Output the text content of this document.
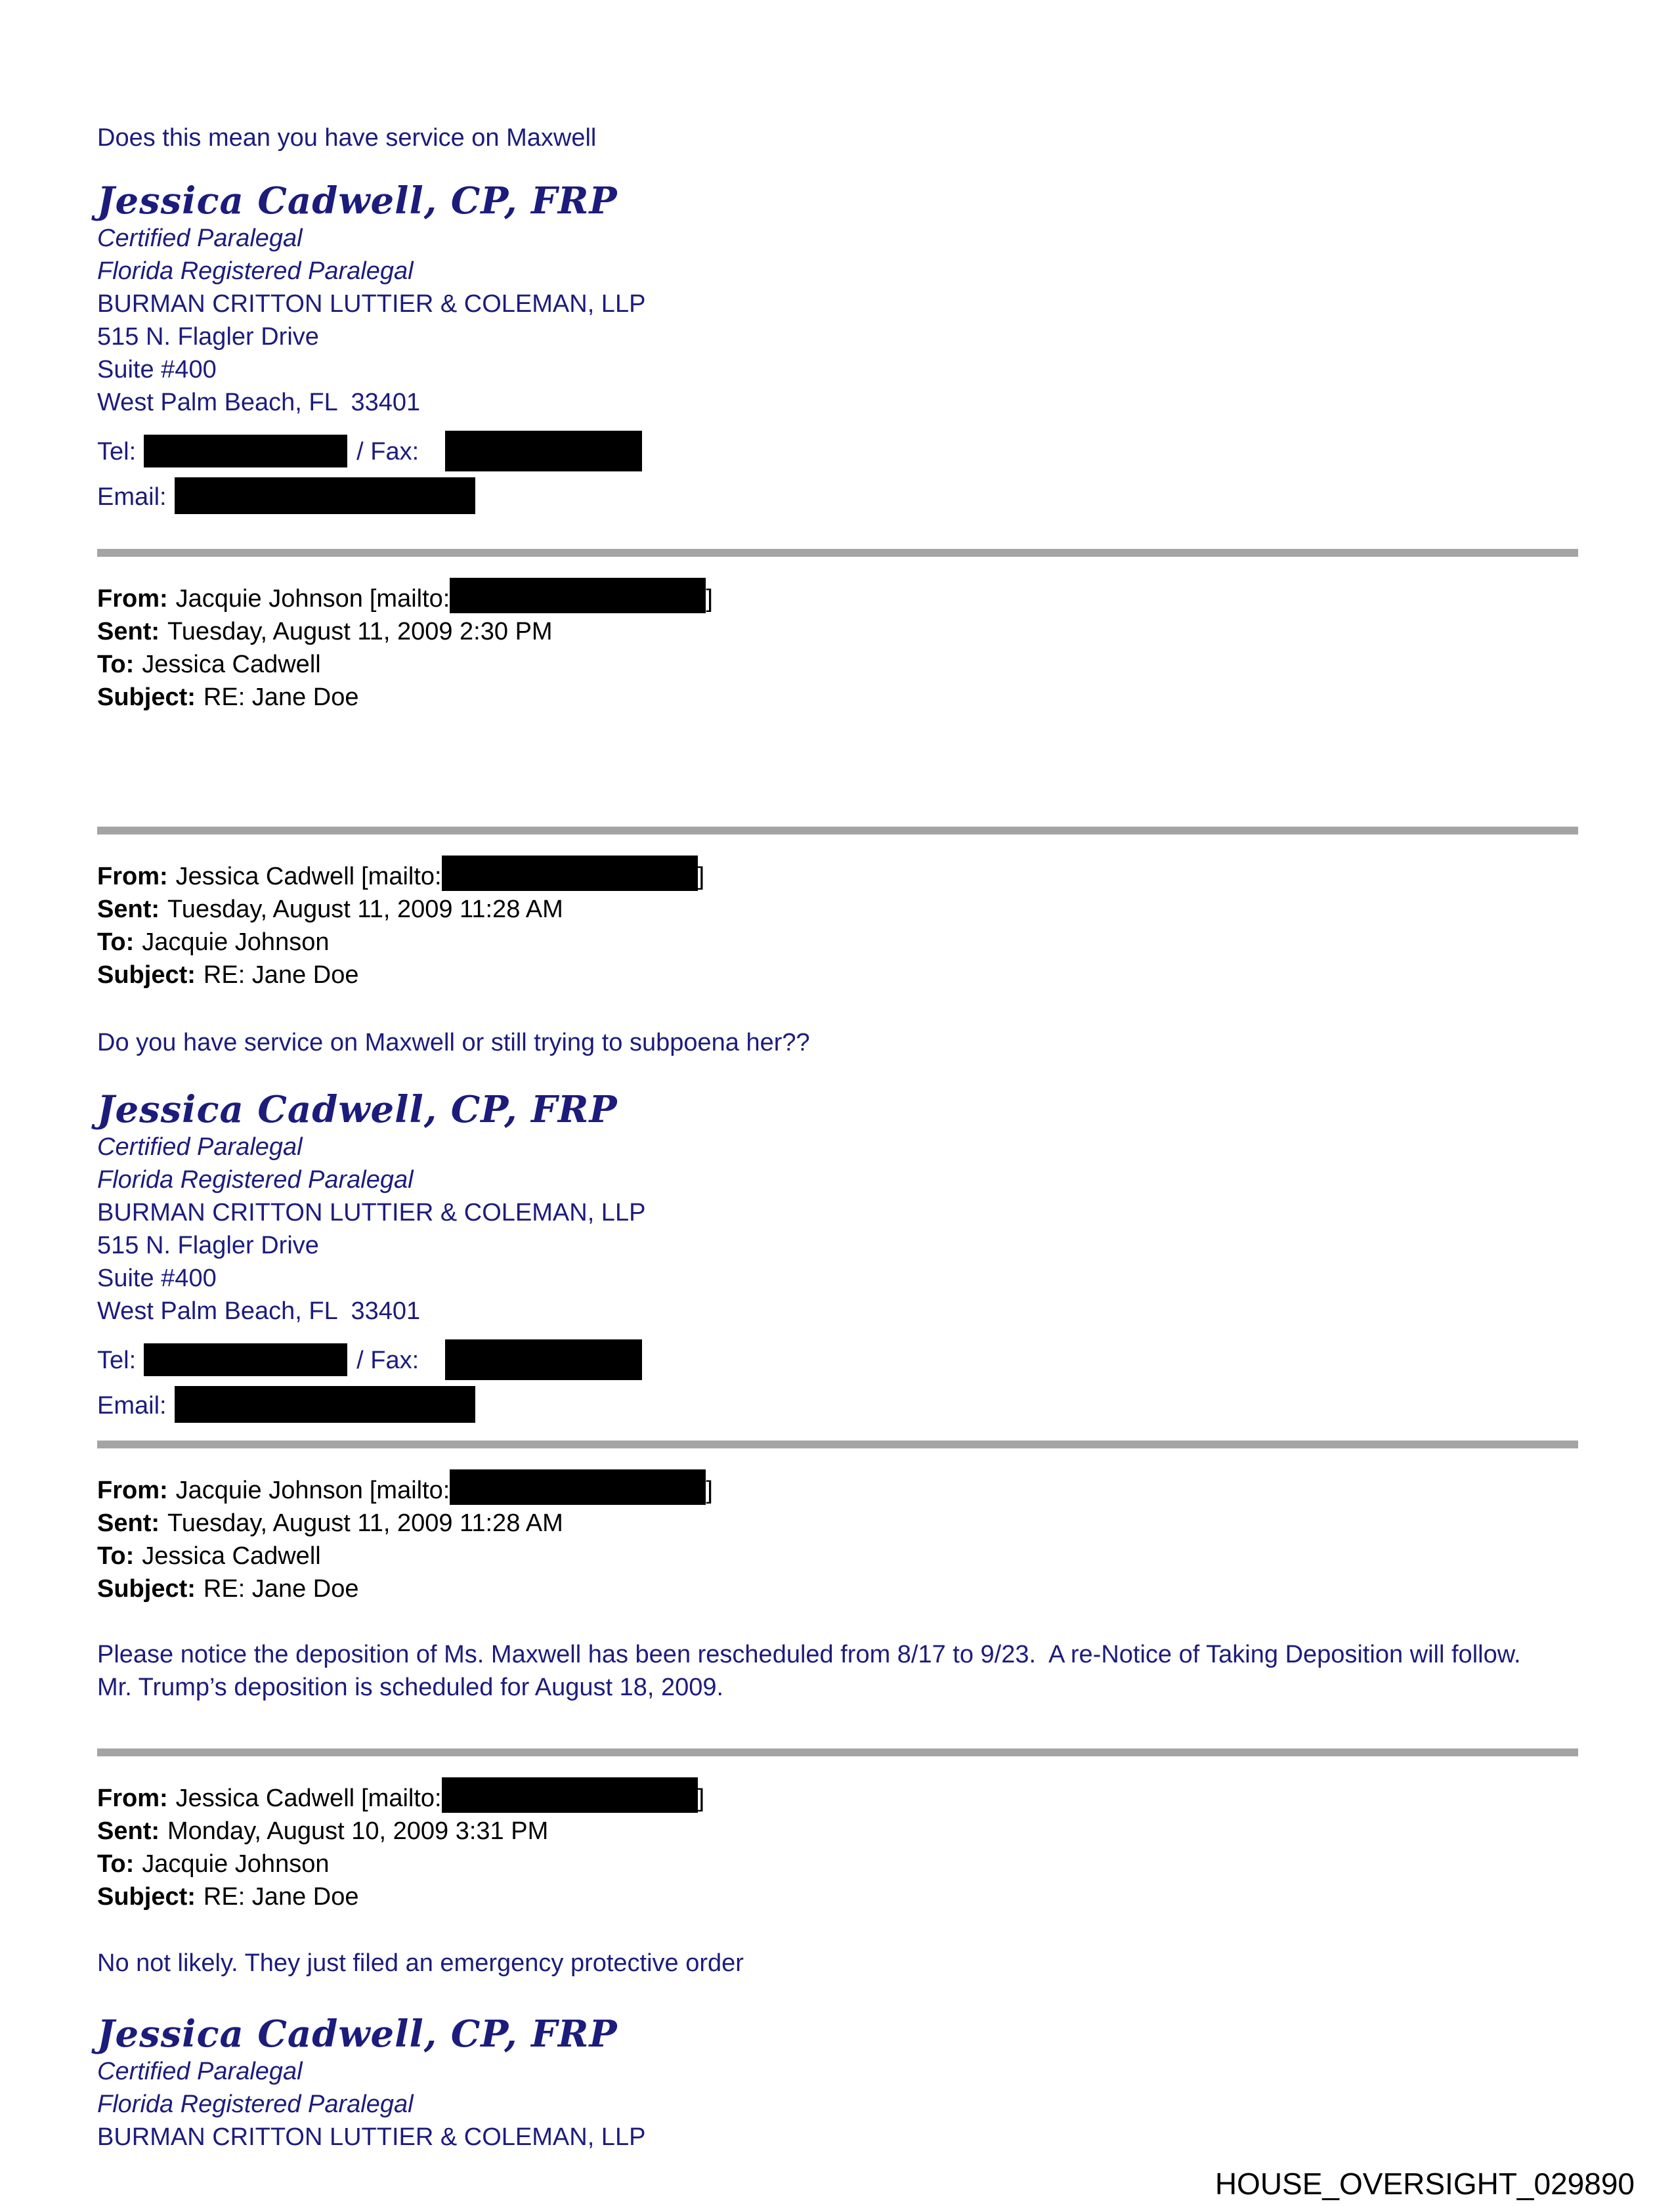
Does this mean you have service on Maxwell

Jessica Cadwell, CP, FRP
Certified Paralegal
Florida Registered Paralegal
BURMAN CRITTON LUTTIER & COLEMAN, LLP
515 N. Flagler Drive
Suite #400
West Palm Beach, FL  33401
Tel:	/ Fax:
Email:
From: Jacquie Johnson [mailto:	]
Sent: Tuesday, August 11, 2009 2:30 PM
To: Jessica Cadwell
Subject: RE: Jane Doe
From: Jessica Cadwell [mailto:	]
Sent: Tuesday, August 11, 2009 11:28 AM
To: Jacquie Johnson
Subject: RE: Jane Doe

Do you have service on Maxwell or still trying to subpoena her??

Jessica Cadwell, CP, FRP
Certified Paralegal
Florida Registered Paralegal
BURMAN CRITTON LUTTIER & COLEMAN, LLP
515 N. Flagler Drive
Suite #400
West Palm Beach, FL  33401
Tel:	/ Fax:
Email:
From: Jacquie Johnson [mailto:	]
Sent: Tuesday, August 11, 2009 11:28 AM
To: Jessica Cadwell
Subject: RE: Jane Doe

Please notice the deposition of Ms. Maxwell has been rescheduled from 8/17 to 9/23.  A re-Notice of Taking Deposition will follow.  Mr. Trump’s deposition is scheduled for August 18, 2009.

From: Jessica Cadwell [mailto:	]
Sent: Monday, August 10, 2009 3:31 PM
To: Jacquie Johnson
Subject: RE: Jane Doe

No not likely. They just filed an emergency protective order

Jessica Cadwell, CP, FRP
Certified Paralegal
Florida Registered Paralegal
BURMAN CRITTON LUTTIER & COLEMAN, LLP
HOUSE_OVERSIGHT_029890
